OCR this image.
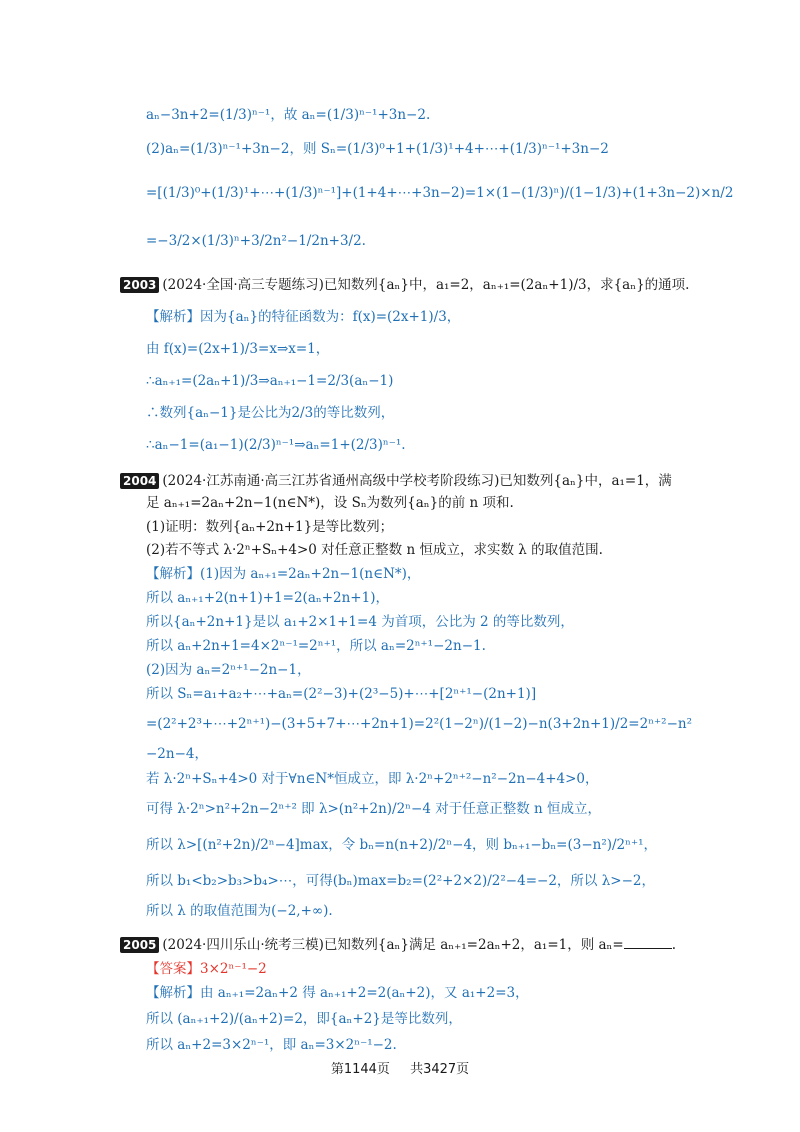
aₙ−3n+2=(1/3)ⁿ⁻¹，故 aₙ=(1/3)ⁿ⁻¹+3n−2.
(2)aₙ=(1/3)ⁿ⁻¹+3n−2，则 Sₙ=(1/3)⁰+1+(1/3)¹+4+⋯+(1/3)ⁿ⁻¹+3n−2
=[(1/3)⁰+(1/3)¹+⋯+(1/3)ⁿ⁻¹]+(1+4+⋯+3n−2)=1×(1−(1/3)ⁿ)/(1−1/3)+(1+3n−2)×n/2
=−3/2×(1/3)ⁿ+3/2n²−1/2n+3/2.
2003 (2024·全国·高三专题练习)已知数列{aₙ}中，a₁=2，aₙ₊₁=(2aₙ+1)/3，求{aₙ}的通项.
【解析】因为{aₙ}的特征函数为：f(x)=(2x+1)/3，
由 f(x)=(2x+1)/3=x⇒x=1，
∴aₙ₊₁=(2aₙ+1)/3⇒aₙ₊₁−1=2/3(aₙ−1)
∴数列{aₙ−1}是公比为2/3的等比数列，
∴aₙ−1=(a₁−1)(2/3)ⁿ⁻¹⇒aₙ=1+(2/3)ⁿ⁻¹.
2004 (2024·江苏南通·高三江苏省通州高级中学校考阶段练习)已知数列{aₙ}中，a₁=1，满
足 aₙ₊₁=2aₙ+2n−1(n∈N*)，设 Sₙ为数列{aₙ}的前 n 项和.
(1)证明：数列{aₙ+2n+1}是等比数列；
(2)若不等式 λ·2ⁿ+Sₙ+4>0 对任意正整数 n 恒成立，求实数 λ 的取值范围.
【解析】(1)因为 aₙ₊₁=2aₙ+2n−1(n∈N*)，
所以 aₙ₊₁+2(n+1)+1=2(aₙ+2n+1)，
所以{aₙ+2n+1}是以 a₁+2×1+1=4 为首项，公比为 2 的等比数列，
所以 aₙ+2n+1=4×2ⁿ⁻¹=2ⁿ⁺¹，所以 aₙ=2ⁿ⁺¹−2n−1.
(2)因为 aₙ=2ⁿ⁺¹−2n−1，
所以 Sₙ=a₁+a₂+⋯+aₙ=(2²−3)+(2³−5)+⋯+[2ⁿ⁺¹−(2n+1)]
=(2²+2³+⋯+2ⁿ⁺¹)−(3+5+7+⋯+2n+1)=2²(1−2ⁿ)/(1−2)−n(3+2n+1)/2=2ⁿ⁺²−n²
−2n−4，
若 λ·2ⁿ+Sₙ+4>0 对于∀n∈N*恒成立，即 λ·2ⁿ+2ⁿ⁺²−n²−2n−4+4>0，
可得 λ·2ⁿ>n²+2n−2ⁿ⁺² 即 λ>(n²+2n)/2ⁿ−4 对于任意正整数 n 恒成立，
所以 λ>[(n²+2n)/2ⁿ−4]max，令 bₙ=n(n+2)/2ⁿ−4，则 bₙ₊₁−bₙ=(3−n²)/2ⁿ⁺¹，
所以 b₁<b₂>b₃>b₄>⋯，可得(bₙ)max=b₂=(2²+2×2)/2²−4=−2，所以 λ>−2，
所以 λ 的取值范围为(−2,+∞).
2005 (2024·四川乐山·统考三模)已知数列{aₙ}满足 aₙ₊₁=2aₙ+2，a₁=1，则 aₙ=	.
【答案】3×2ⁿ⁻¹−2
【解析】由 aₙ₊₁=2aₙ+2 得 aₙ₊₁+2=2(aₙ+2)，又 a₁+2=3，
所以 (aₙ₊₁+2)/(aₙ+2)=2，即{aₙ+2}是等比数列，
所以 aₙ+2=3×2ⁿ⁻¹，即 aₙ=3×2ⁿ⁻¹−2.
第1144页 共3427页
